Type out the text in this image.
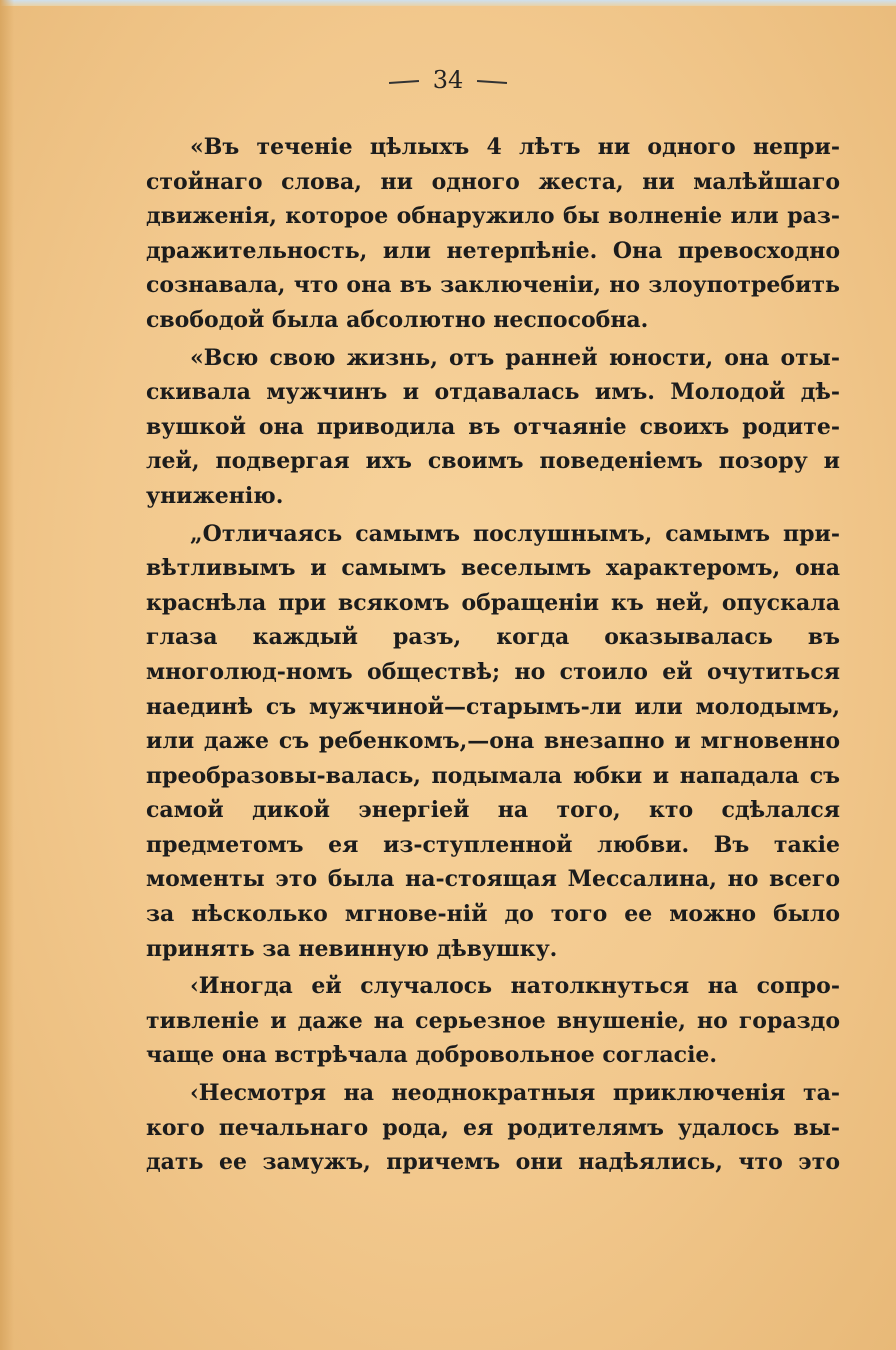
34

«Въ теченіе цѣлыхъ 4 лѣтъ ни одного непри-стойнаго слова, ни одного жеста, ни малѣйшаго движенія, которое обнаружило бы волненіе или раз-дражительность, или нетерпѣніе. Она превосходно сознавала, что она въ заключеніи, но злоупотребить свободой была абсолютно неспособна.

«Всю свою жизнь, отъ ранней юности, она оты-скивала мужчинъ и отдавалась имъ. Молодой дѣ-вушкой она приводила въ отчаяніе своихъ родите-лей, подвергая ихъ своимъ поведеніемъ позору и униженію.

„Отличаясь самымъ послушнымъ, самымъ при-вѣтливымъ и самымъ веселымъ характеромъ, она краснѣла при всякомъ обращеніи къ ней, опускала глаза каждый разъ, когда оказывалась въ многолюд-номъ обществѣ; но стоило ей очутиться наединѣ съ мужчиной—старымъ-ли или молодымъ, или даже съ ребенкомъ,—она внезапно и мгновенно преобразовы-валась, подымала юбки и нападала съ самой дикой энергіей на того, кто сдѣлался предметомъ ея из-ступленной любви. Въ такіе моменты это была на-стоящая Мессалина, но всего за нѣсколько мгнове-ній до того ее можно было принять за невинную дѣвушку.

‹Иногда ей случалось натолкнуться на сопро-тивленіе и даже на серьезное внушеніе, но гораздо чаще она встрѣчала добровольное согласіе.

‹Несмотря на неоднократныя приключенія та-кого печальнаго рода, ея родителямъ удалось вы-дать ее замужъ, причемъ они надѣялись, что это
